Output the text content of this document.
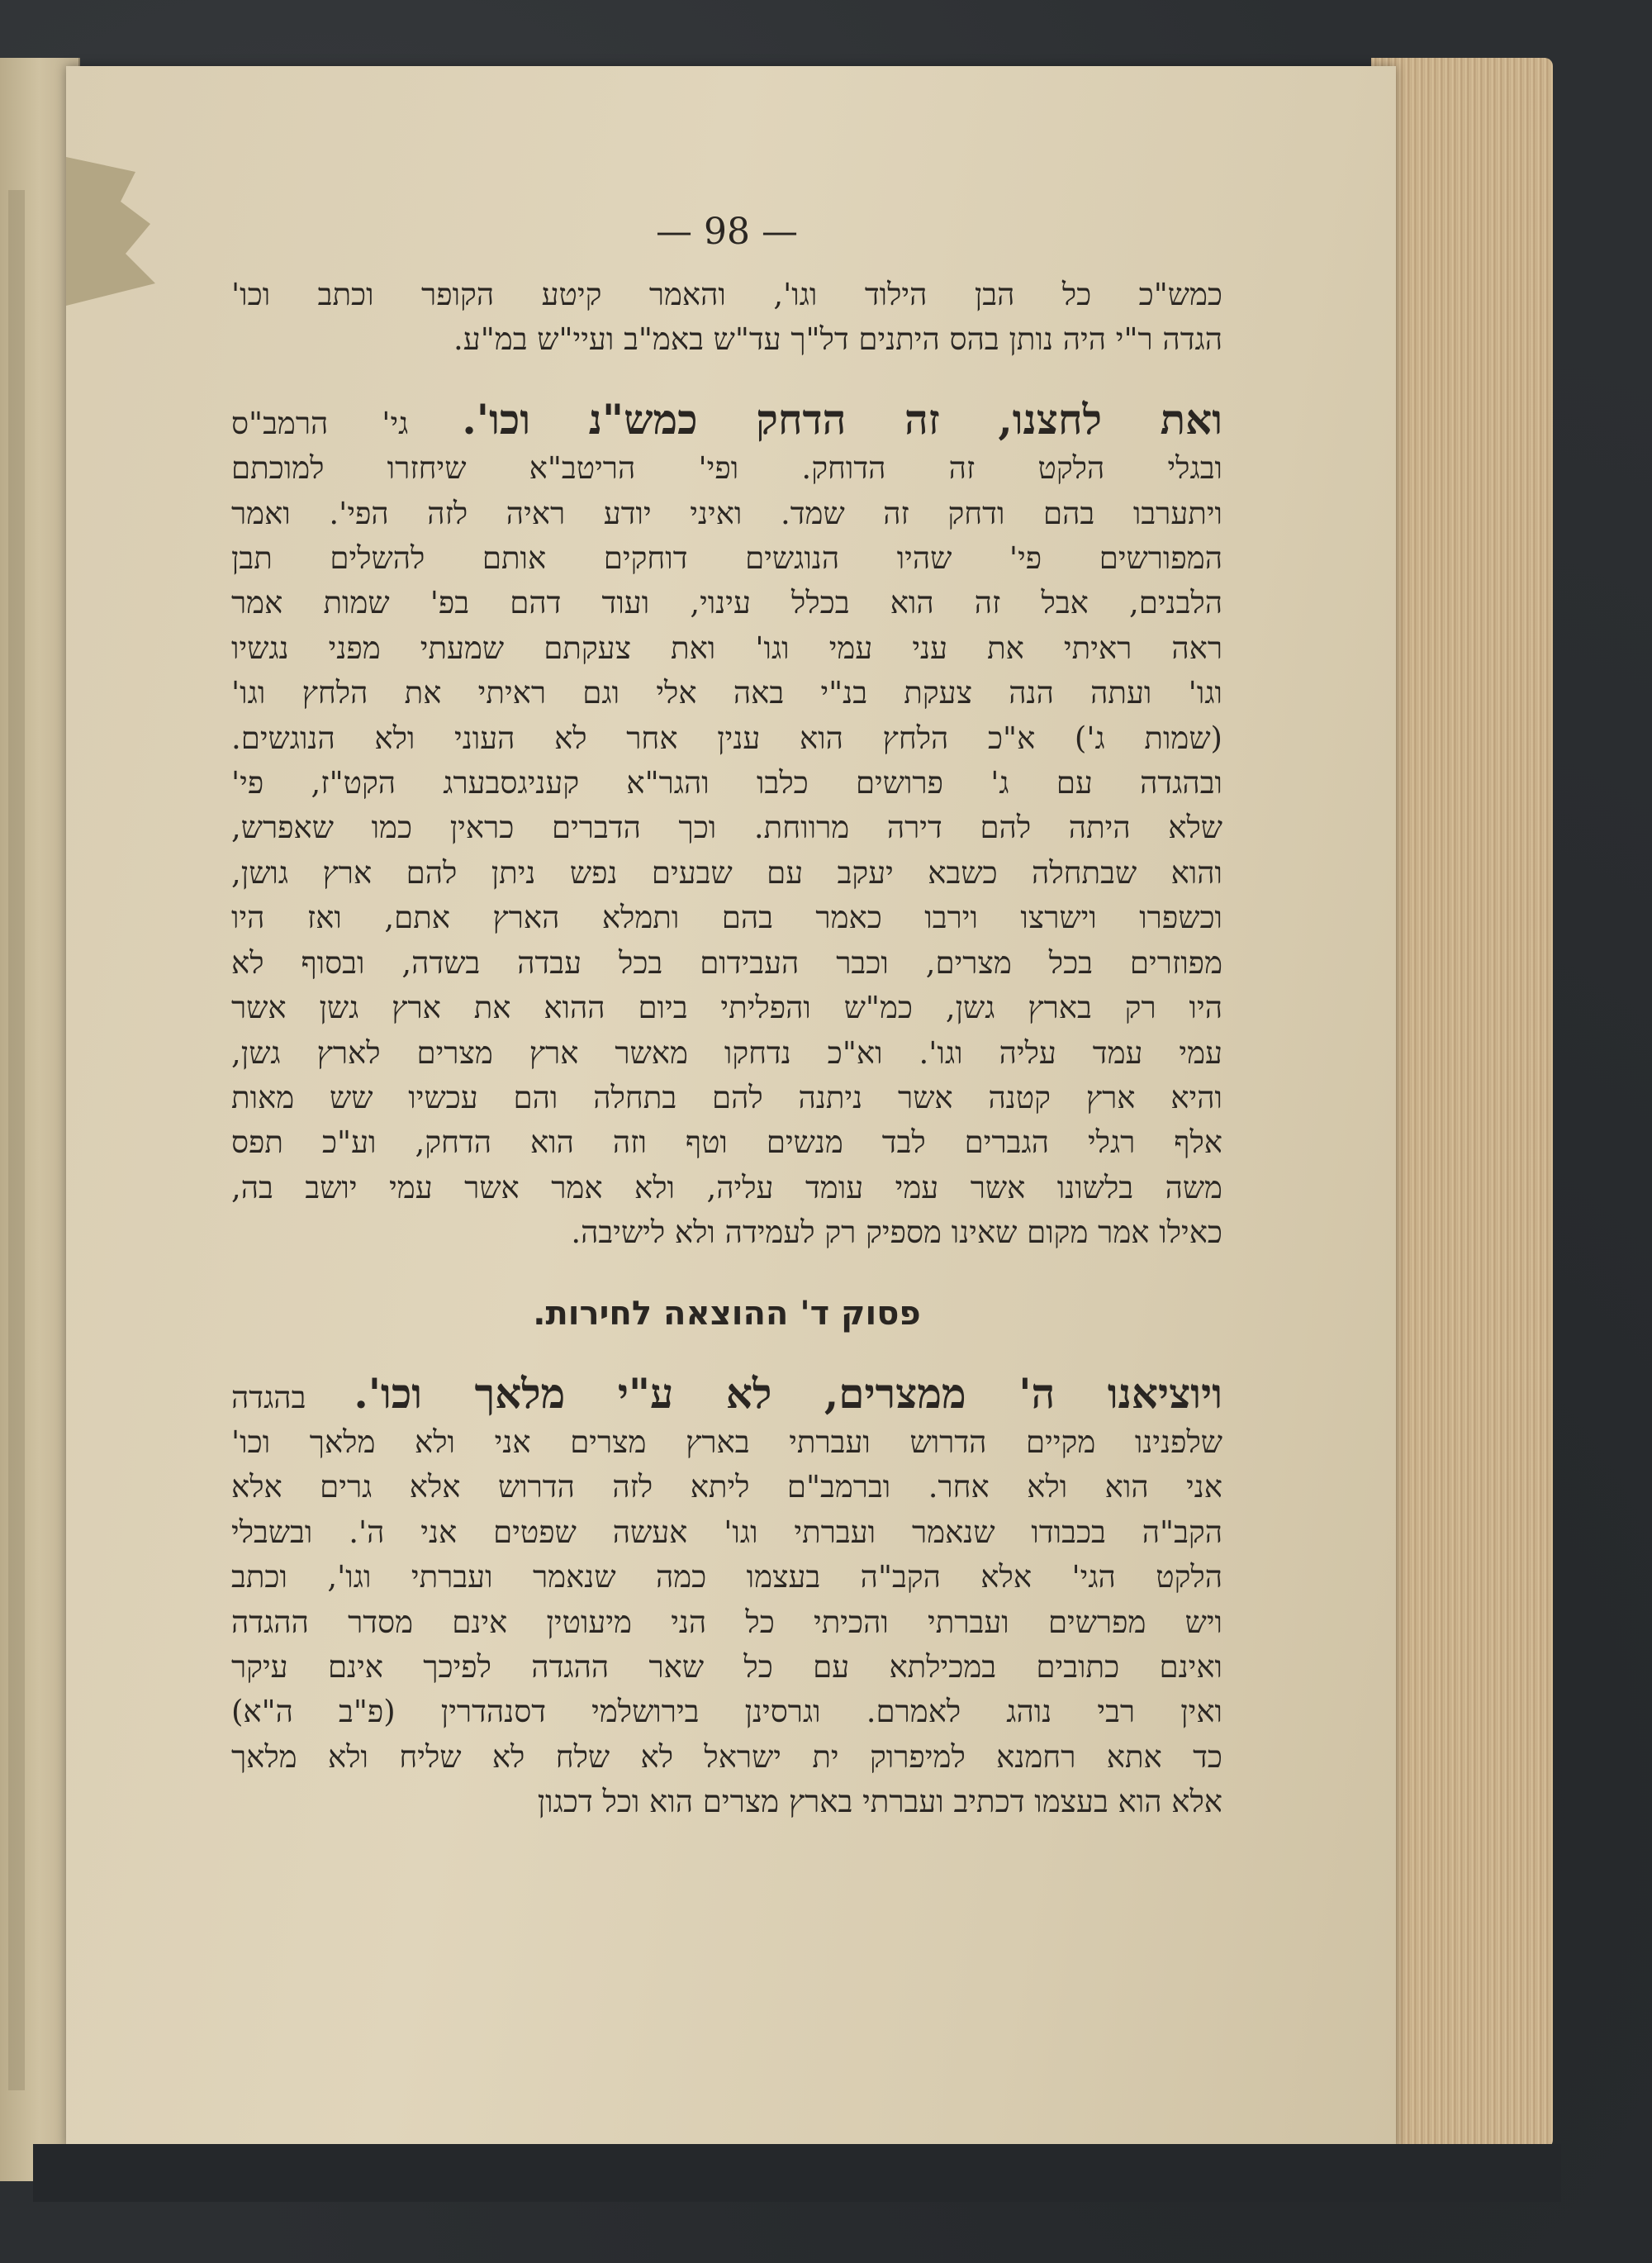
— 98 —

כמש"כ כל הבן הילוד וגו', והאמר קיטע הקופר וכתב וכו'

הגדה ר"י היה נותן בהס היתנים דל"ך עד"ש באמ"ב ועיי"ש במ"ע.

ואת לחצנו, זה הדחק כמש"נ וכו'. גי' הרמב"ס

ובגלי הלקט זה הדוחק. ופי' הריטב"א שיחזרו למוכתם

ויתערבו בהם ודחק זה שמד. ואיני יודע ראיה לזה הפי'. ואמר

המפורשים פי' שהיו הנוגשים דוחקים אותם להשלים תבן

הלבנים, אבל זה הוא בכלל עינוי, ועוד דהם בפ' שמות אמר

ראה ראיתי את עני עמי וגו' ואת צעקתם שמעתי מפני נגשיו

וגו' ועתה הנה צעקת בנ"י באה אלי וגם ראיתי את הלחץ וגו'

(שמות ג') א"כ הלחץ הוא ענין אחר לא העוני ולא הנוגשים.

ובהגדה עם ג' פרושים כלבו והגר"א קעניגסבערג הקט"ז, פי'

שלא היתה להם דירה מרווחת. וכך הדברים כראין כמו שאפרש,

והוא שבתחלה כשבא יעקב עם שבעים נפש ניתן להם ארץ גושן,

וכשפרו וישרצו וירבו כאמר בהם ותמלא הארץ אתם, ואז היו

מפוזרים בכל מצרים, וכבר העבידום בכל עבדה בשדה, ובסוף לא

היו רק בארץ גשן, כמ"ש והפליתי ביום ההוא את ארץ גשן אשר

עמי עמד עליה וגו'. וא"כ נדחקו מאשר ארץ מצרים לארץ גשן,

והיא ארץ קטנה אשר ניתנה להם בתחלה והם עכשיו שש מאות

אלף רגלי הגברים לבד מנשים וטף וזה הוא הדחק, וע"כ תפס

משה בלשונו אשר עמי עומד עליה, ולא אמר אשר עמי יושב בה,

כאילו אמר מקום שאינו מספיק רק לעמידה ולא לישיבה.

פסוק ד' ההוצאה לחירות.

ויוציאנו ה' ממצרים, לא ע"י מלאך וכו'. בהגדה

שלפנינו מקיים הדרוש ועברתי בארץ מצרים אני ולא מלאך וכו'

אני הוא ולא אחר. וברמב"ם ליתא לזה הדרוש אלא גרים אלא

הקב"ה בכבודו שנאמר ועברתי וגו' אעשה שפטים אני ה'. ובשבלי

הלקט הגי' אלא הקב"ה בעצמו כמה שנאמר ועברתי וגו', וכתב

ויש מפרשים ועברתי והכיתי כל הני מיעוטין אינם מסדר ההגדה

ואינם כתובים במכילתא עם כל שאר ההגדה לפיכך אינם עיקר

ואין רבי נוהג לאמרם. וגרסינן בירושלמי דסנהדרין (פ"ב ה"א)

כד אתא רחמנא למיפרוק ית ישראל לא שלח לא שליח ולא מלאך

אלא הוא בעצמו דכתיב ועברתי בארץ מצרים הוא וכל דכגון
